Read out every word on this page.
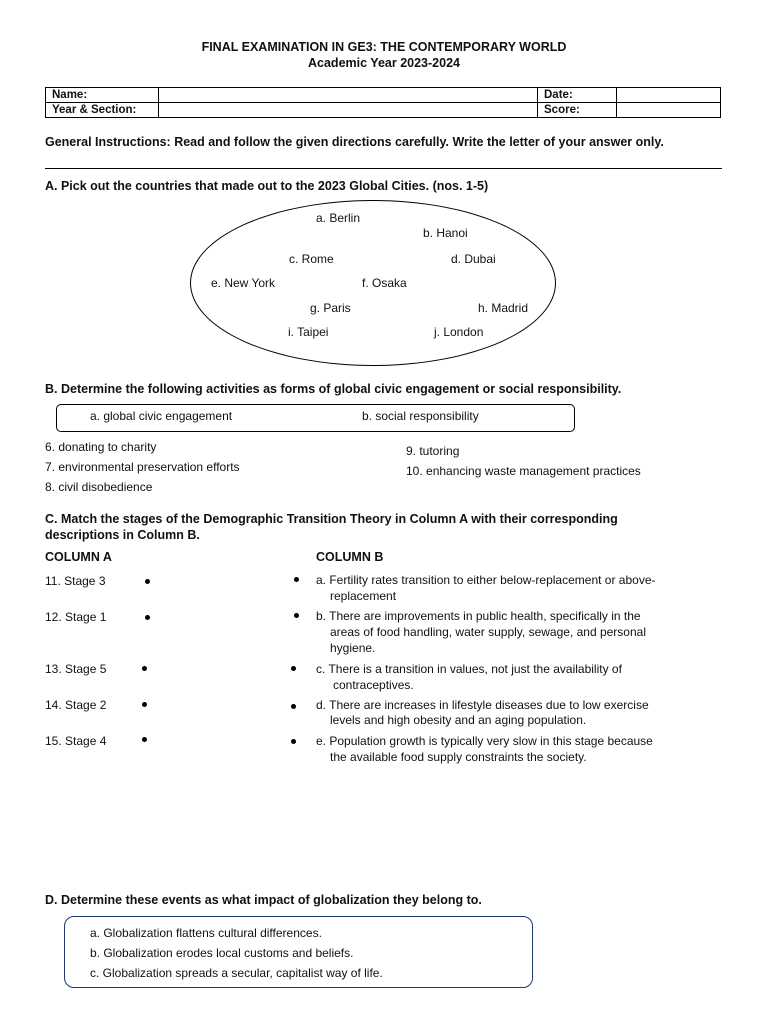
FINAL EXAMINATION IN GE3: THE CONTEMPORARY WORLD
Academic Year 2023-2024
Name:		Date:	
Year & Section:		Score:	
General Instructions: Read and follow the given directions carefully. Write the letter of your answer only.
A. Pick out the countries that made out to the 2023 Global Cities. (nos. 1-5)
a. Berlin
b. Hanoi
c. Rome	d. Dubai
e. New York	f. Osaka
g. Paris	h. Madrid
i. Taipei	j. London
B. Determine the following activities as forms of global civic engagement or social responsibility.
a. global civic engagement	b. social responsibility
6. donating to charity
7. environmental preservation efforts
8. civil disobedience
9. tutoring
10. enhancing waste management practices
C. Match the stages of the Demographic Transition Theory in Column A with their corresponding
descriptions in Column B.
COLUMN A	COLUMN B
11. Stage 3
12. Stage 1
13. Stage 5
14. Stage 2
15. Stage 4
a. Fertility rates transition to either below-replacement or above-
replacement
b. There are improvements in public health, specifically in the
areas of food handling, water supply, sewage, and personal
hygiene.
c. There is a transition in values, not just the availability of
contraceptives.
d. There are increases in lifestyle diseases due to low exercise
levels and high obesity and an aging population.
e. Population growth is typically very slow in this stage because
the available food supply constraints the society.
D. Determine these events as what impact of globalization they belong to.
a. Globalization flattens cultural differences.
b. Globalization erodes local customs and beliefs.
c. Globalization spreads a secular, capitalist way of life.
